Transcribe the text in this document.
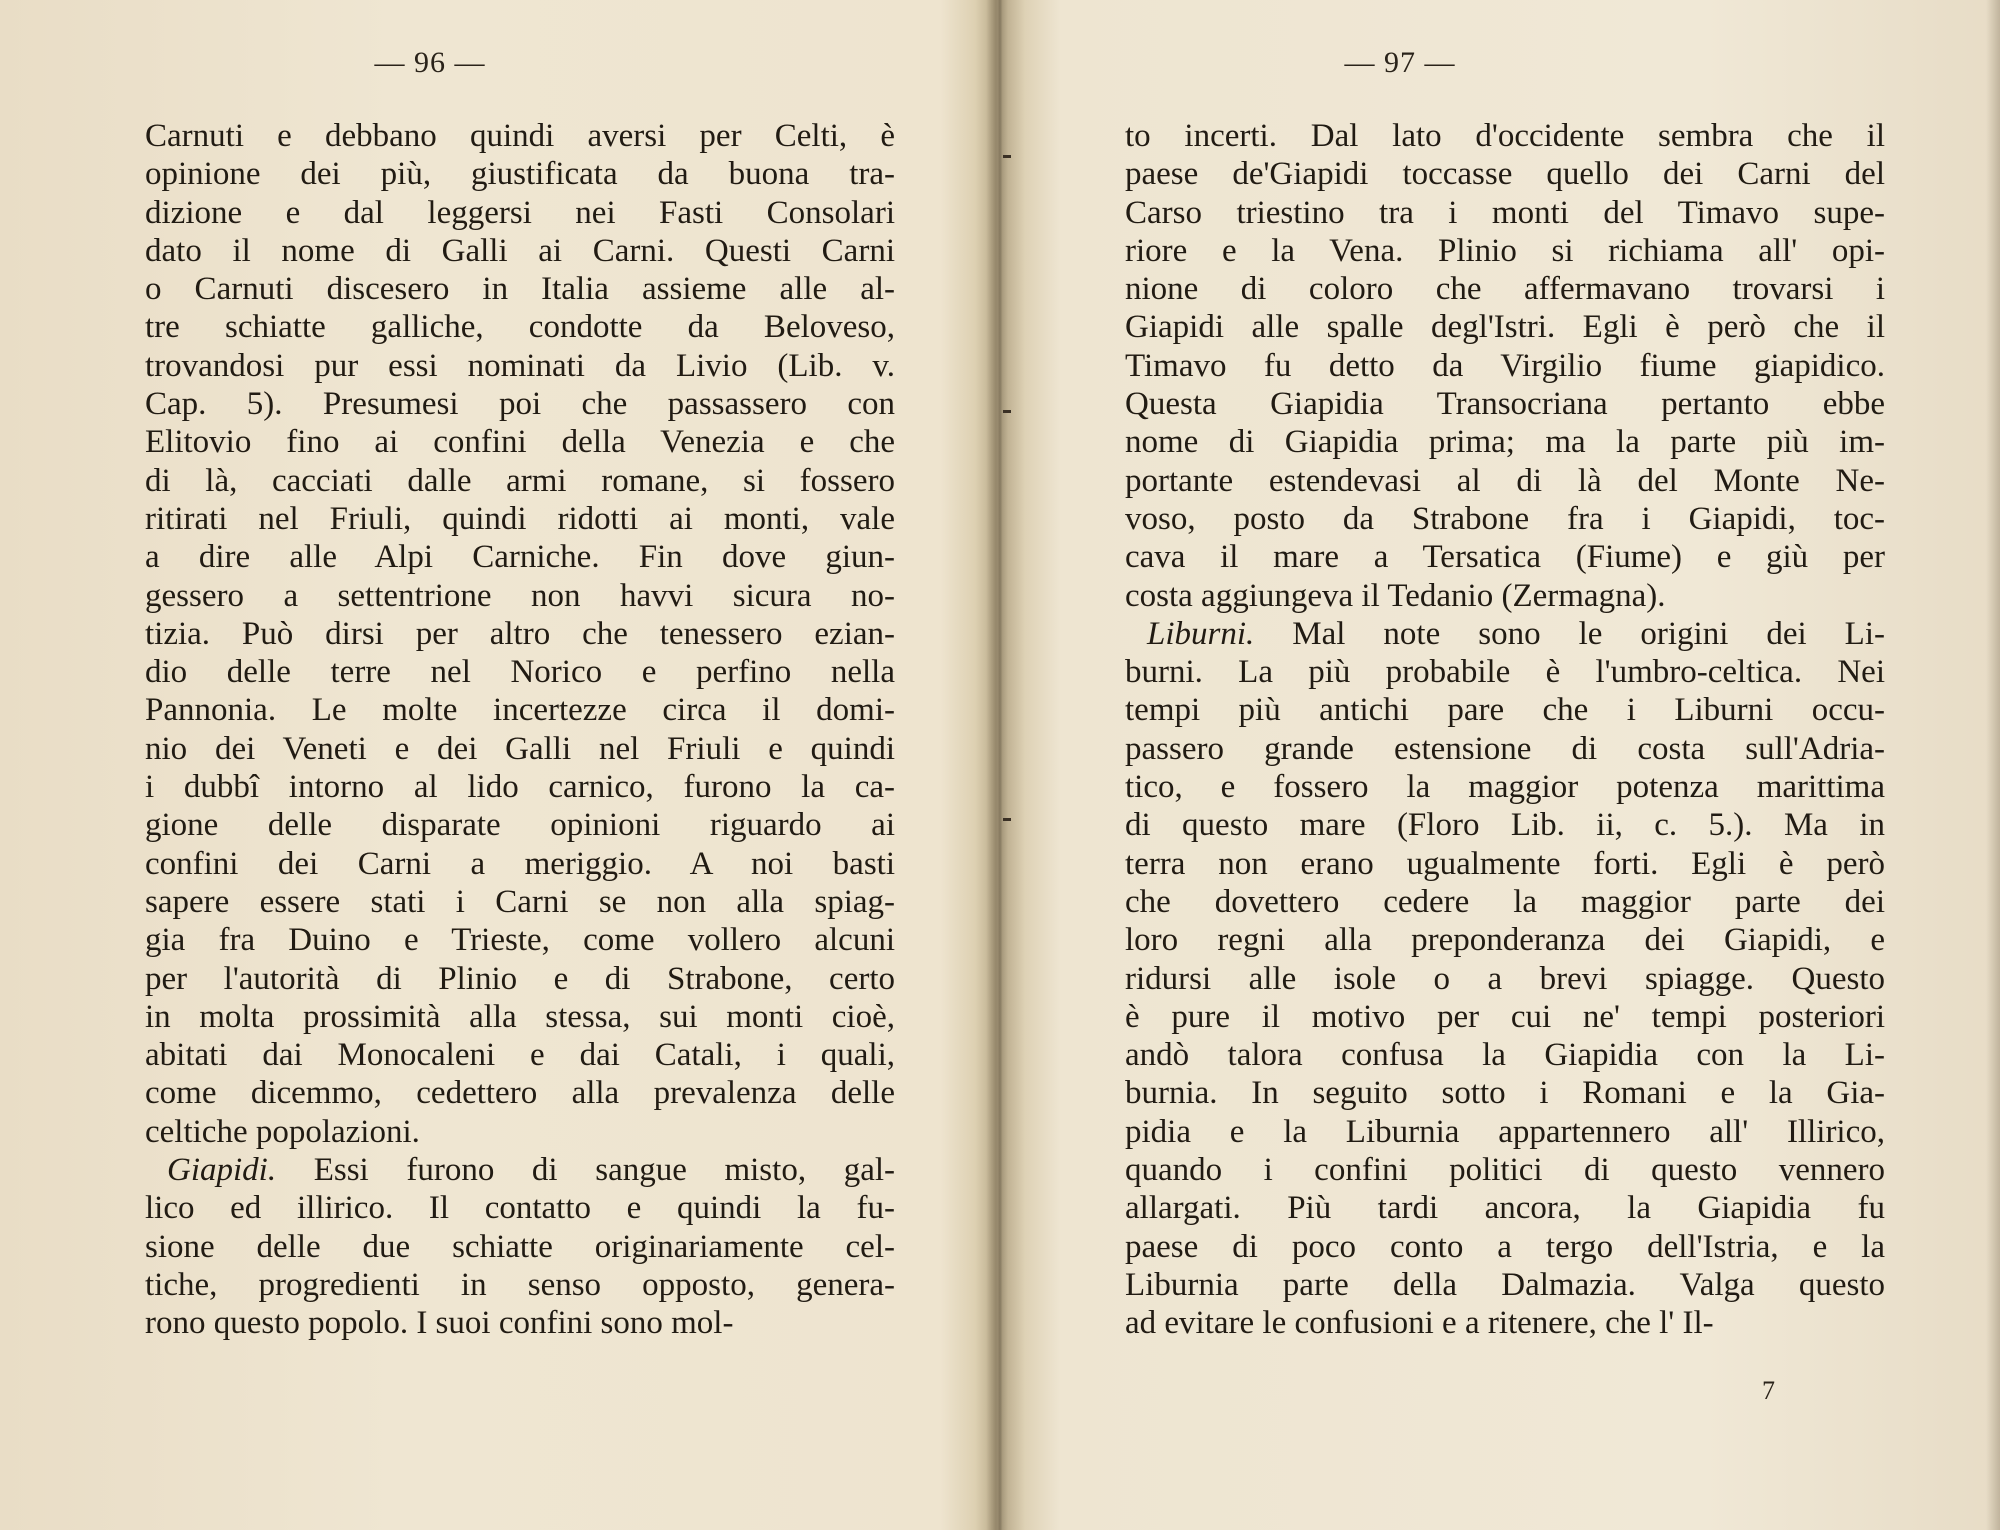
— 96 —
Carnuti e debbano quindi aversi per Celti, è
opinione dei più, giustificata da buona tra-
dizione e dal leggersi nei Fasti Consolari
dato il nome di Galli ai Carni. Questi Carni
o Carnuti discesero in Italia assieme alle al-
tre schiatte galliche, condotte da Beloveso,
trovandosi pur essi nominati da Livio (Lib. v.
Cap. 5). Presumesi poi che passassero con
Elitovio fino ai confini della Venezia e che
di là, cacciati dalle armi romane, si fossero
ritirati nel Friuli, quindi ridotti ai monti, vale
a dire alle Alpi Carniche. Fin dove giun-
gessero a settentrione non havvi sicura no-
tizia. Può dirsi per altro che tenessero ezian-
dio delle terre nel Norico e perfino nella
Pannonia. Le molte incertezze circa il domi-
nio dei Veneti e dei Galli nel Friuli e quindi
i dubbî intorno al lido carnico, furono la ca-
gione delle disparate opinioni riguardo ai
confini dei Carni a meriggio. A noi basti
sapere essere stati i Carni se non alla spiag-
gia fra Duino e Trieste, come vollero alcuni
per l'autorità di Plinio e di Strabone, certo
in molta prossimità alla stessa, sui monti cioè,
abitati dai Monocaleni e dai Catali, i quali,
come dicemmo, cedettero alla prevalenza delle
celtiche popolazioni.
Giapidi. Essi furono di sangue misto, gal-
lico ed illirico. Il contatto e quindi la fu-
sione delle due schiatte originariamente cel-
tiche, progredienti in senso opposto, genera-
rono questo popolo. I suoi confini sono mol-
— 97 —
to incerti. Dal lato d'occidente sembra che il
paese de'Giapidi toccasse quello dei Carni del
Carso triestino tra i monti del Timavo supe-
riore e la Vena. Plinio si richiama all' opi-
nione di coloro che affermavano trovarsi i
Giapidi alle spalle degl'Istri. Egli è però che il
Timavo fu detto da Virgilio fiume giapidico.
Questa Giapidia Transocriana pertanto ebbe
nome di Giapidia prima; ma la parte più im-
portante estendevasi al di là del Monte Ne-
voso, posto da Strabone fra i Giapidi, toc-
cava il mare a Tersatica (Fiume) e giù per
costa aggiungeva il Tedanio (Zermagna).
Liburni. Mal note sono le origini dei Li-
burni. La più probabile è l'umbro-celtica. Nei
tempi più antichi pare che i Liburni occu-
passero grande estensione di costa sull'Adria-
tico, e fossero la maggior potenza marittima
di questo mare (Floro Lib. ii, c. 5.). Ma in
terra non erano ugualmente forti. Egli è però
che dovettero cedere la maggior parte dei
loro regni alla preponderanza dei Giapidi, e
ridursi alle isole o a brevi spiagge. Questo
è pure il motivo per cui ne' tempi posteriori
andò talora confusa la Giapidia con la Li-
burnia. In seguito sotto i Romani e la Gia-
pidia e la Liburnia appartennero all' Illirico,
quando i confini politici di questo vennero
allargati. Più tardi ancora, la Giapidia fu
paese di poco conto a tergo dell'Istria, e la
Liburnia parte della Dalmazia. Valga questo
ad evitare le confusioni e a ritenere, che l' Il-
7
